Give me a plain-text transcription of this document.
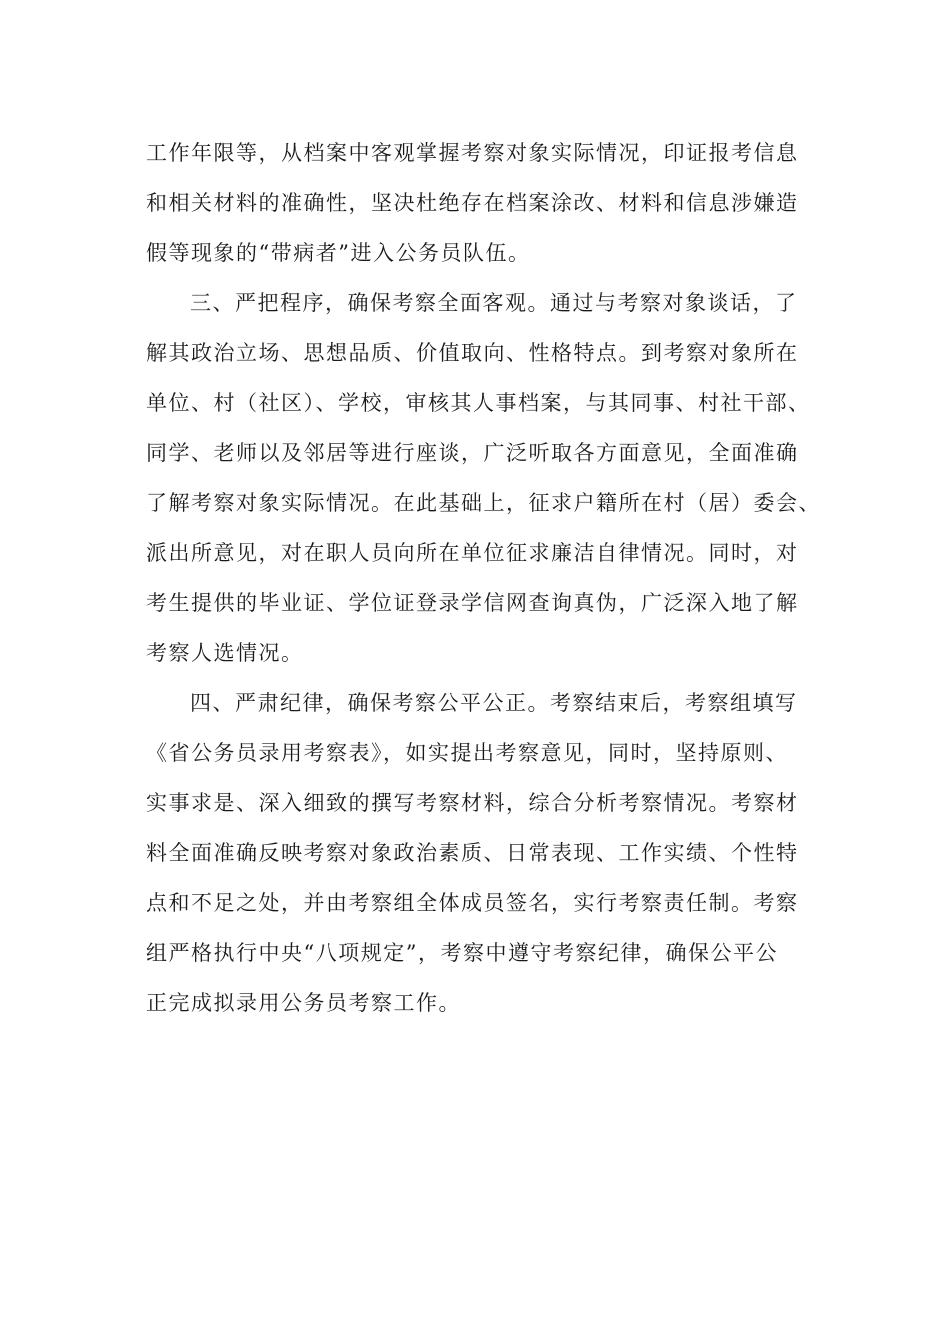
工作年限等，从档案中客观掌握考察对象实际情况，印证报考信息
和相关材料的准确性，坚决杜绝存在档案涂改、材料和信息涉嫌造
假等现象的“带病者”进入公务员队伍。
三、严把程序，确保考察全面客观。通过与考察对象谈话，了
解其政治立场、思想品质、价值取向、性格特点。到考察对象所在
单位、村（社区）、学校，审核其人事档案，与其同事、村社干部、
同学、老师以及邻居等进行座谈，广泛听取各方面意见，全面准确
了解考察对象实际情况。在此基础上，征求户籍所在村（居）委会、
派出所意见，对在职人员向所在单位征求廉洁自律情况。同时，对
考生提供的毕业证、学位证登录学信网查询真伪，广泛深入地了解
考察人选情况。
四、严肃纪律，确保考察公平公正。考察结束后，考察组填写
《省公务员录用考察表》，如实提出考察意见，同时，坚持原则、
实事求是、深入细致的撰写考察材料，综合分析考察情况。考察材
料全面准确反映考察对象政治素质、日常表现、工作实绩、个性特
点和不足之处，并由考察组全体成员签名，实行考察责任制。考察
组严格执行中央“八项规定”，考察中遵守考察纪律，确保公平公
正完成拟录用公务员考察工作。
